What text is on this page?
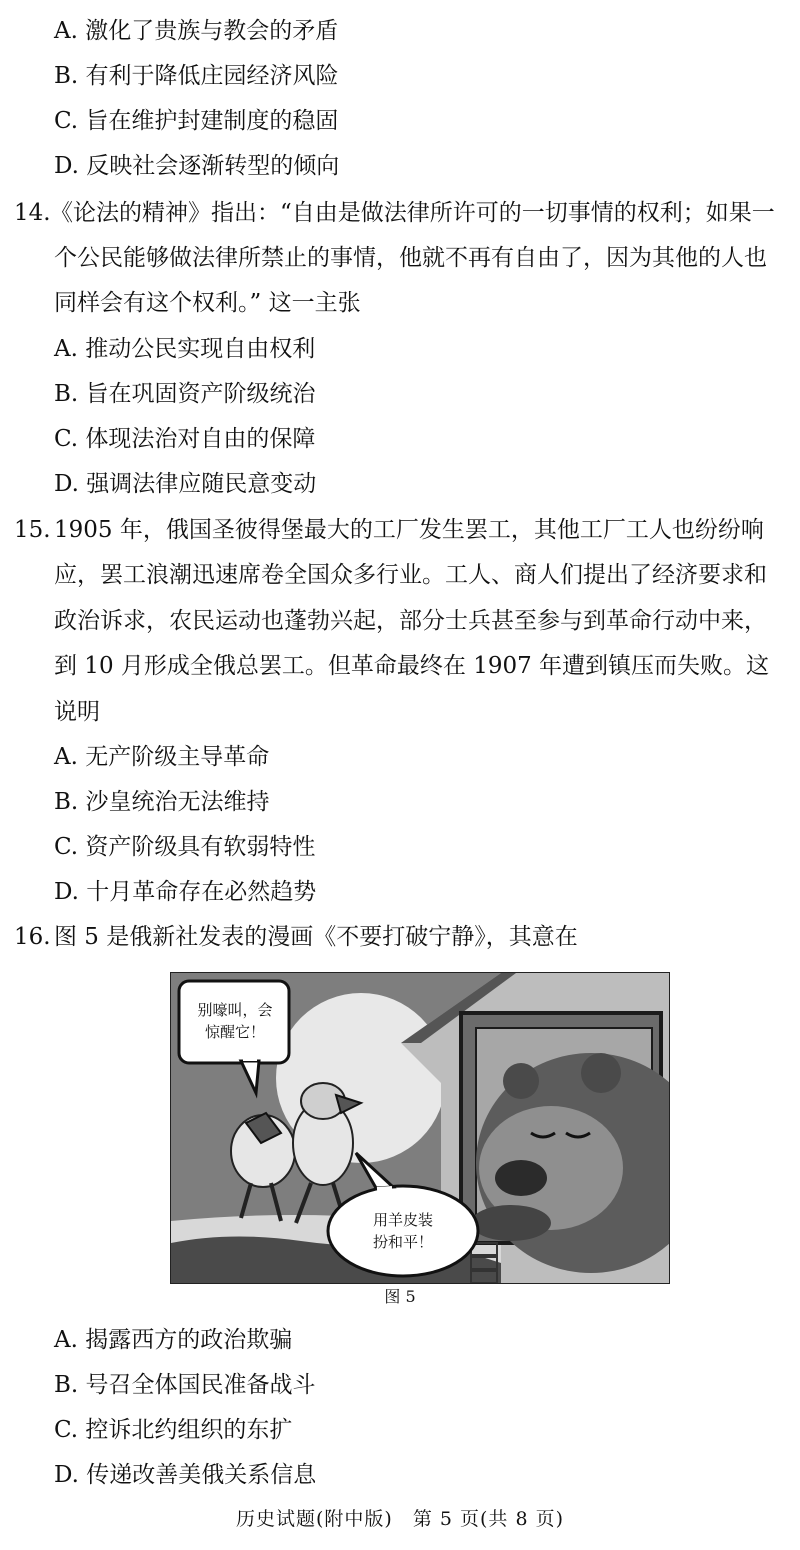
A. 激化了贵族与教会的矛盾
B. 有利于降低庄园经济风险
C. 旨在维护封建制度的稳固
D. 反映社会逐渐转型的倾向
14. 《论法的精神》指出：“自由是做法律所许可的一切事情的权利；如果一
个公民能够做法律所禁止的事情，他就不再有自由了，因为其他的人也
同样会有这个权利。” 这一主张
A. 推动公民实现自由权利
B. 旨在巩固资产阶级统治
C. 体现法治对自由的保障
D. 强调法律应随民意变动
15. 1905 年，俄国圣彼得堡最大的工厂发生罢工，其他工厂工人也纷纷响
应，罢工浪潮迅速席卷全国众多行业。工人、商人们提出了经济要求和
政治诉求，农民运动也蓬勃兴起，部分士兵甚至参与到革命行动中来，
到 10 月形成全俄总罢工。但革命最终在 1907 年遭到镇压而失败。这
说明
A. 无产阶级主导革命
B. 沙皇统治无法维持
C. 资产阶级具有软弱特性
D. 十月革命存在必然趋势
16. 图 5 是俄新社发表的漫画《不要打破宁静》，其意在
别嚎叫，会
惊醒它！
用羊皮装
扮和平！
图 5
A. 揭露西方的政治欺骗
B. 号召全体国民准备战斗
C. 控诉北约组织的东扩
D. 传递改善美俄关系信息
历史试题(附中版)　第 5 页(共 8 页)
